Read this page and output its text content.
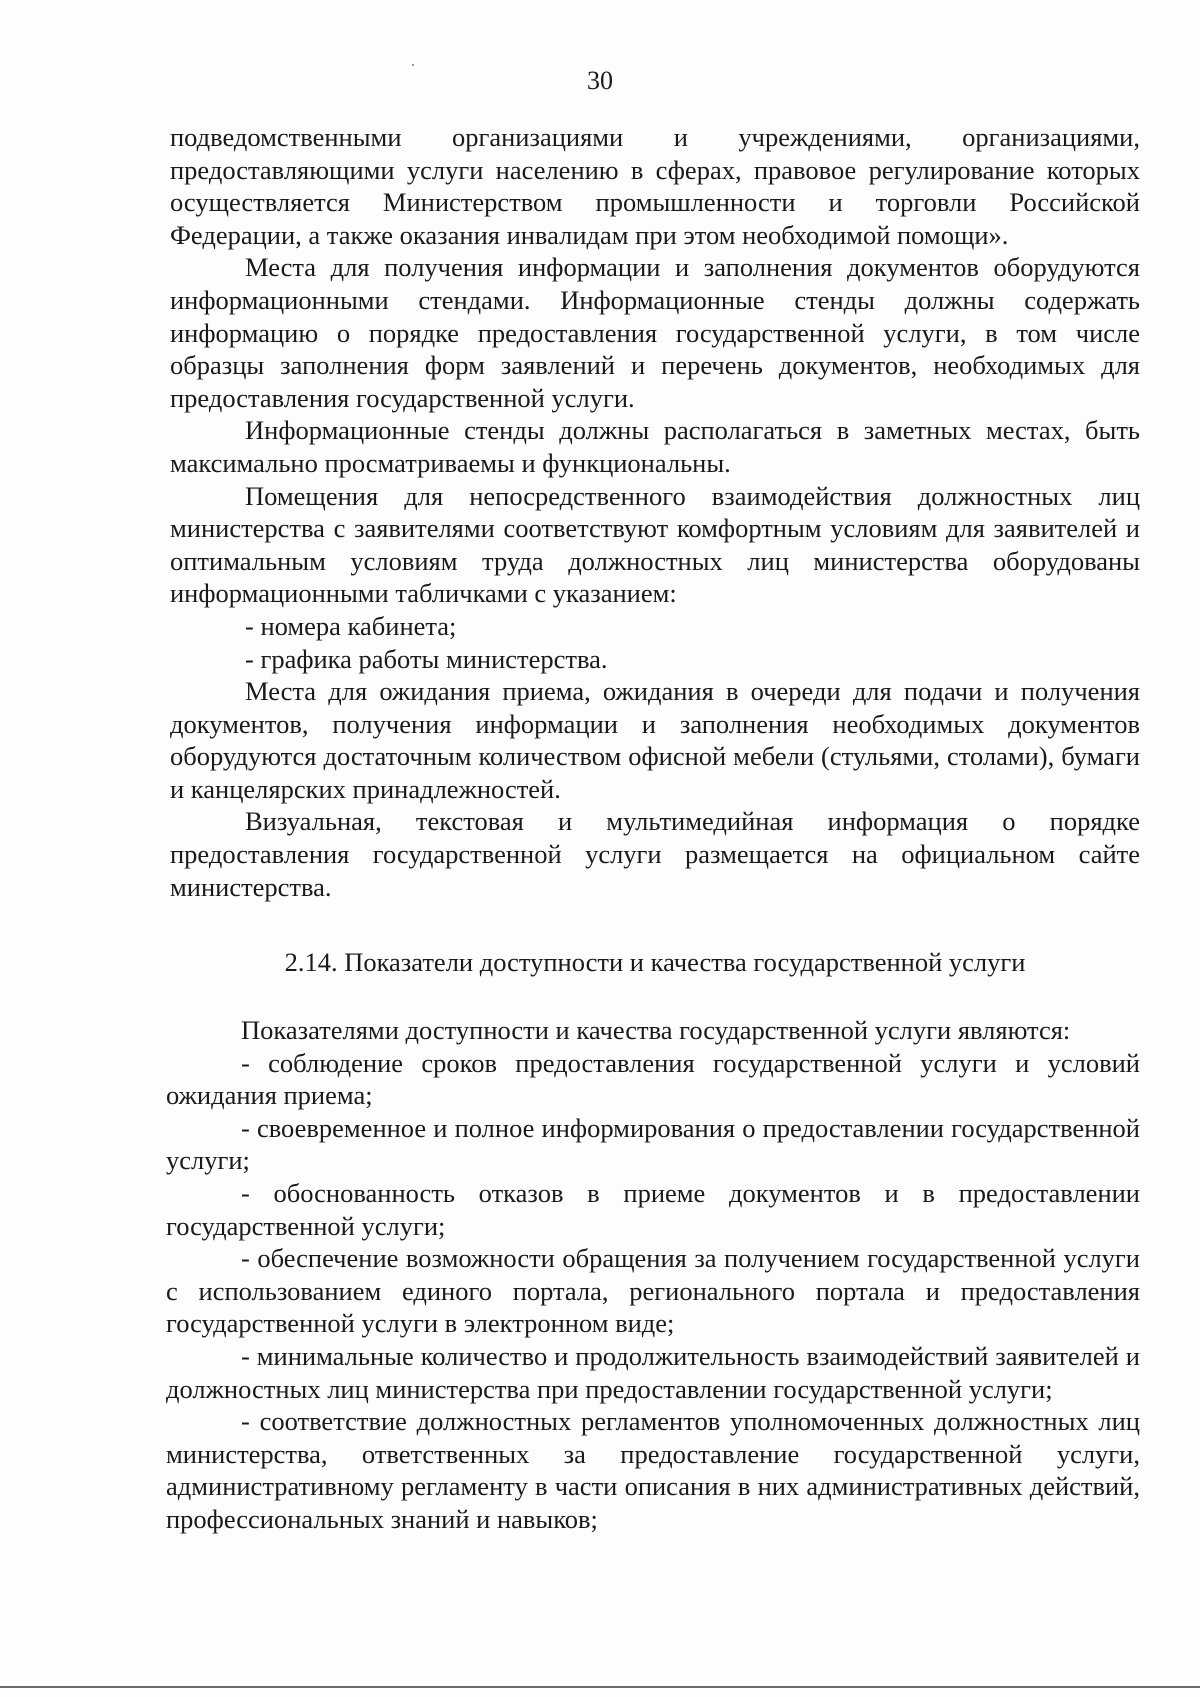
30

подведомственными организациями и учреждениями, организациями, предоставляющими услуги населению в сферах, правовое регулирование которых осуществляется Министерством промышленности и торговли Российской Федерации, а также оказания инвалидам при этом необходимой помощи».

Места для получения информации и заполнения документов оборудуются информационными стендами. Информационные стенды должны содержать информацию о порядке предоставления государственной услуги, в том числе образцы заполнения форм заявлений и перечень документов, необходимых для предоставления государственной услуги.

Информационные стенды должны располагаться в заметных местах, быть максимально просматриваемы и функциональны.

Помещения для непосредственного взаимодействия должностных лиц министерства с заявителями соответствуют комфортным условиям для заявителей и оптимальным условиям труда должностных лиц министерства оборудованы информационными табличками с указанием:

- номера кабинета;

- графика работы министерства.

Места для ожидания приема, ожидания в очереди для подачи и получения документов, получения информации и заполнения необходимых документов оборудуются достаточным количеством офисной мебели (стульями, столами), бумаги и канцелярских принадлежностей.

Визуальная, текстовая и мультимедийная информация о порядке предоставления государственной услуги размещается на официальном сайте министерства.

2.14. Показатели доступности и качества государственной услуги

Показателями доступности и качества государственной услуги являются:

- соблюдение сроков предоставления государственной услуги и условий ожидания приема;

- своевременное и полное информирования о предоставлении государственной услуги;

- обоснованность отказов в приеме документов и в предоставлении государственной услуги;

- обеспечение возможности обращения за получением государственной услуги с использованием единого портала, регионального портала и предоставления государственной услуги в электронном виде;

- минимальные количество и продолжительность взаимодействий заявителей и должностных лиц министерства при предоставлении государственной услуги;

- соответствие должностных регламентов уполномоченных должностных лиц министерства, ответственных за предоставление государственной услуги, административному регламенту в части описания в них административных действий, профессиональных знаний и навыков;
